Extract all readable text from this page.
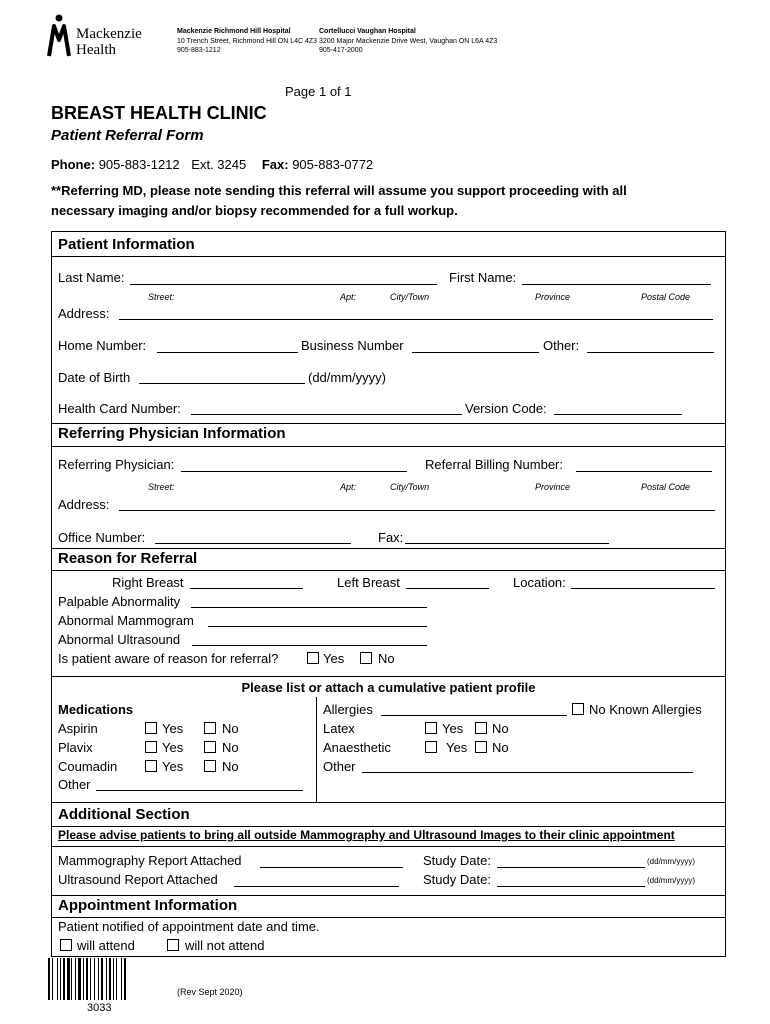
Mackenzie
Health
Mackenzie Richmond Hill Hospital
10 Trench Street, Richmond Hill ON L4C 4Z3
905-883-1212
Cortellucci Vaughan Hospital
3200 Major Mackenzie Drive West, Vaughan ON L6A 4Z3
905-417-2000
Page 1 of 1
BREAST HEALTH CLINIC
Patient Referral Form
Phone: 905-883-1212 Ext. 3245 Fax: 905-883-0772
**Referring MD, please note sending this referral will assume you support proceeding with all
necessary imaging and/or biopsy recommended for a full workup.
Patient Information
Last Name:	First Name:
Street:	Apt:	City/Town	Province	Postal Code
Address:
Home Number:	Business Number	Other:
Date of Birth	(dd/mm/yyyy)
Health Card Number:	Version Code:
Referring Physician Information
Referring Physician:	Referral Billing Number:
Street:	Apt:	City/Town	Province	Postal Code
Address:
Office Number:	Fax:
Reason for Referral
Right Breast	Left Breast	Location:
Palpable Abnormality
Abnormal Mammogram
Abnormal Ultrasound
Is patient aware of reason for referral?	Yes	No
Please list or attach a cumulative patient profile
Medications
Aspirin	Yes	No
Plavix	Yes	No
Coumadin	Yes	No
Other
Allergies	No Known Allergies
Latex	Yes No
Anaesthetic	Yes No
Other
Additional Section
Please advise patients to bring all outside Mammography and Ultrasound Images to their clinic appointment
Mammography Report Attached	Study Date:	(dd/mm/yyyy)
Ultrasound Report Attached	Study Date:	(dd/mm/yyyy)
Appointment Information
Patient notified of appointment date and time.
will attend	will not attend
3033
(Rev Sept 2020)
